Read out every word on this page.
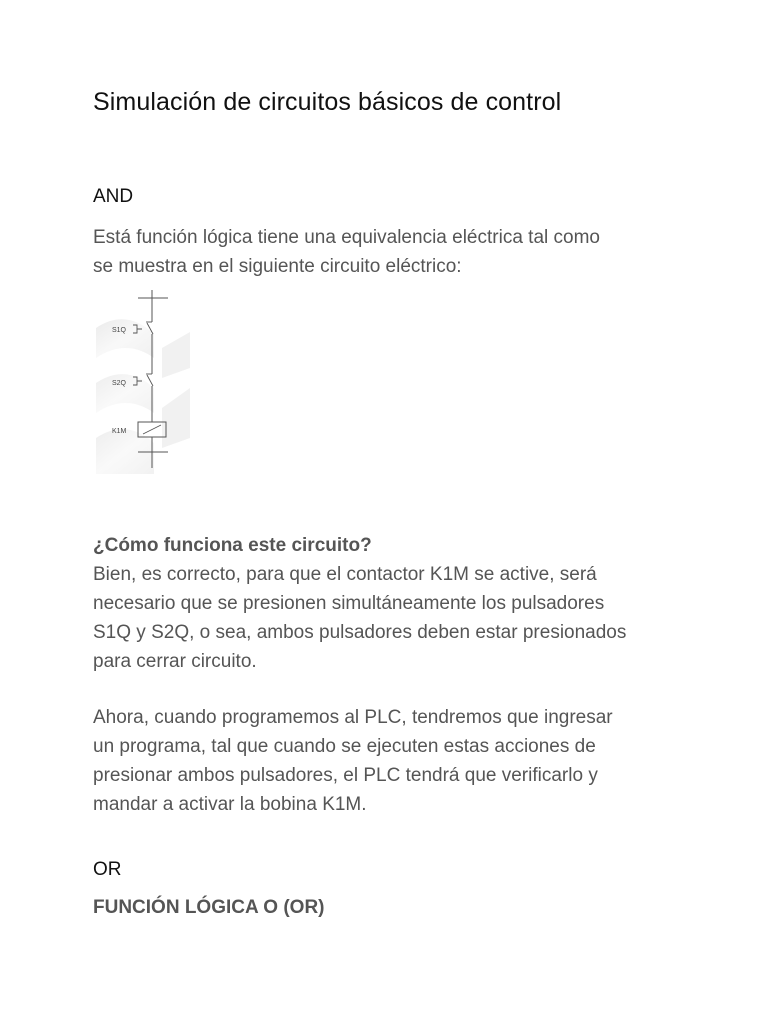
Simulación de circuitos básicos de control
AND
Está función lógica tiene una equivalencia eléctrica tal como
se muestra en el siguiente circuito eléctrico:
S1Q
S2Q
K1M
¿Cómo funciona este circuito?
Bien, es correcto, para que el contactor K1M se active, será
necesario que se presionen simultáneamente los pulsadores
S1Q y S2Q, o sea, ambos pulsadores deben estar presionados
para cerrar circuito.
Ahora, cuando programemos al PLC, tendremos que ingresar
un programa, tal que cuando se ejecuten estas acciones de
presionar ambos pulsadores, el PLC tendrá que verificarlo y
mandar a activar la bobina K1M.
OR
FUNCIÓN LÓGICA O (OR)
